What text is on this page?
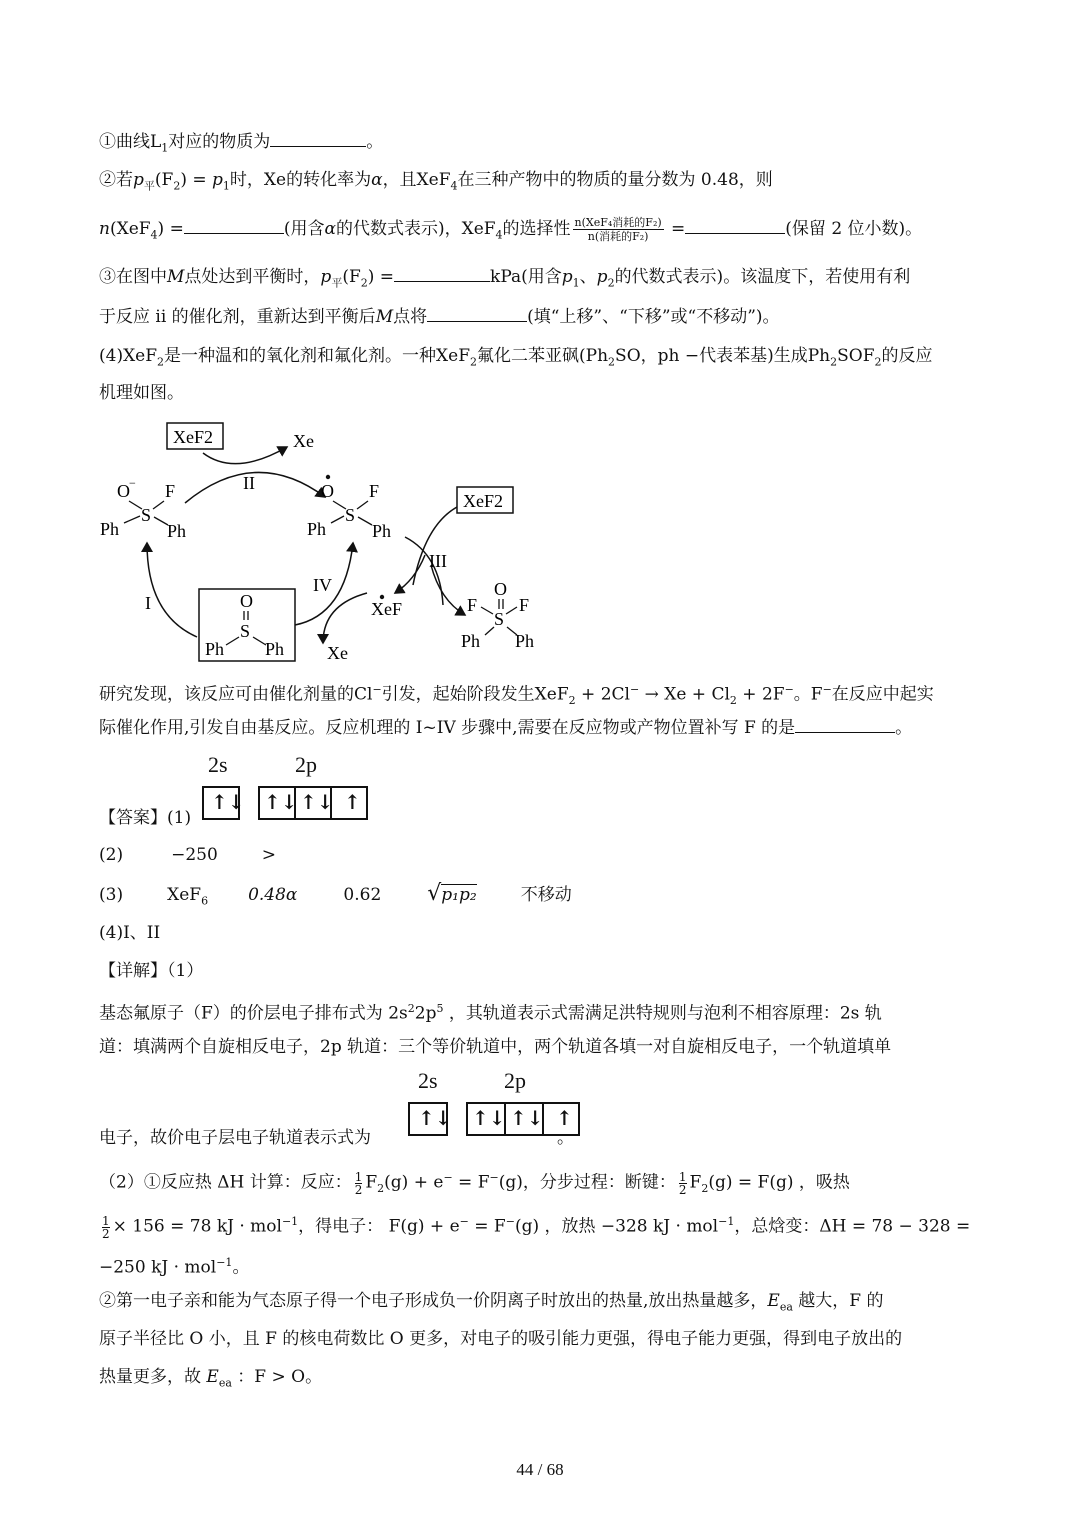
①曲线$L_1$对应的物质为	。
②若$p_平(F_2) = p_1$时，Xe的转化率为α，且XeF$_4$在三种产物中的物质的量分数为 0.48，则
n(XeF$_4$) =	(用含α的代数式表示)，XeF$_4$的选择性 $\frac{\text{n(XeF₄消耗的F₂)}}{\text{n(消耗的F₂)}}$ =	(保留 2 位小数)。
③在图中M点处达到平衡时，$p_平(F_2)$ =	kPa(用含$p_1$、$p_2$的代数式表示)。该温度下，若使用有利
于反应 ii 的催化剂，重新达到平衡后M点将	(填“上移”、“下移”或“不移动”)。
(4)XeF$_2$是一种温和的氧化剂和氟化剂。一种XeF$_2$氟化二苯亚砜($Ph_2SO$，ph −代表苯基)生成$Ph_2SOF_2$的反应
机理如图。
XeF2	Xe
II
O − F
S
Ph	Ph
O F
S
Ph	Ph
XeF2
III
O
F F
S
Ph Ph
I	O
S
Ph Ph
IV
XeF
Xe
研究发现，该反应可由催化剂量的Cl−引发，起始阶段发生$XeF_2 + 2Cl^- \to Xe + Cl_2 + 2F^-$。F−在反应中起实
际催化作用,引发自由基反应。反应机理的 I~IV 步骤中,需要在反应物或产物位置补写 F 的是	。
2s	2p
↑↓ ↑↓ ↑↓ ↑
【答案】(1)
(2)	−250	>
(3)	XeF$_6$ 0.48α	0.62 √p₁p₂	不移动
(4)I、II
【详解】（1）
基态氟原子（F）的价层电子排布式为 $2s^22p^5$ ，其轨道表示式需满足洪特规则与泡利不相容原理：2s 轨
道：填满两个自旋相反电子，2p 轨道：三个等价轨道中，两个轨道各填一对自旋相反电子，一个轨道填单
2s	2p
↑↓ ↑↓ ↑↓ ↑
电子，故价电子层电子轨道表示式为	。
（2）①反应热 ΔH 计算：反应： $\frac{1}{2} F_2(g) + e^- = F^-(g)$，分步过程：断键： $\frac{1}{2} F_2(g) = F(g)$ ，吸热
$\frac{1}{2} \times 156 = 78$ kJ · mol$^{-1}$，得电子： F(g) + e− = F−(g) ，放热 −328 kJ · mol$^{-1}$，总焓变：ΔH = 78 − 328 =
−250 kJ · mol$^{-1}$。
②第一电子亲和能为气态原子得一个电子形成负一价阴离子时放出的热量,放出热量越多，$E_{ea}$ 越大，F 的
原子半径比 O 小，且 F 的核电荷数比 O 更多，对电子的吸引能力更强，得电子能力更强，得到电子放出的
热量更多，故 $E_{ea}$ ：F > O。
44 / 68
